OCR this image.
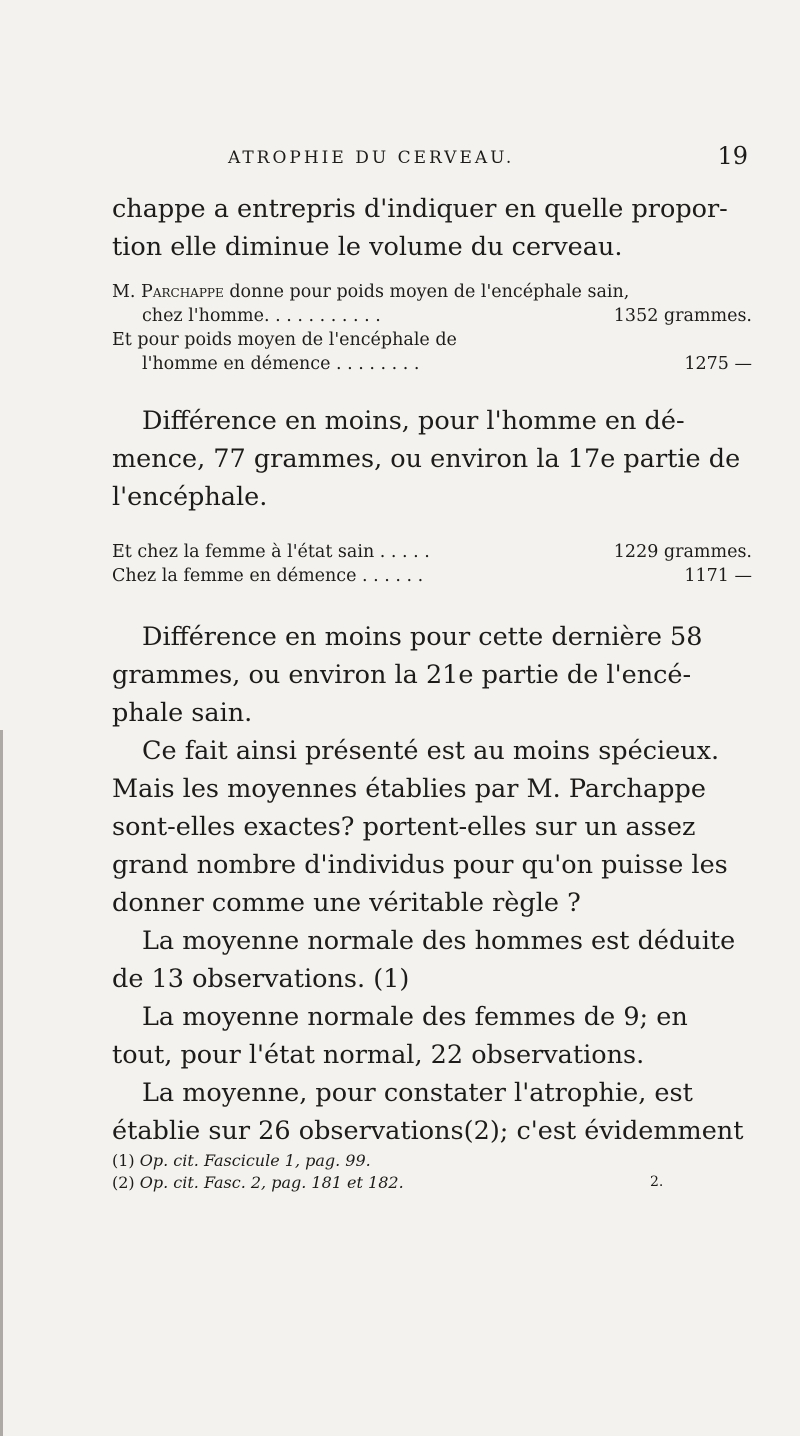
ATROPHIE DU CERVEAU.	19

chappe a entrepris d'indiquer en quelle propor-
tion elle diminue le volume du cerveau.

M. Parchappe donne pour poids moyen de l'encéphale sain,
chez l'homme. . . . . . . . . . .	1352 grammes.
Et pour poids moyen de l'encéphale de
l'homme en démence . . . . . . . .	1275 —

Différence en moins, pour l'homme en dé-
mence, 77 grammes, ou environ la 17e partie de
l'encéphale.

Et chez la femme à l'état sain . . . . .	1229 grammes.
Chez la femme en démence . . . . . .	1171 —

Différence en moins pour cette dernière 58
grammes, ou environ la 21e partie de l'encé-
phale sain.

Ce fait ainsi présenté est au moins spécieux.
Mais les moyennes établies par M. Parchappe
sont-elles exactes? portent-elles sur un assez
grand nombre d'individus pour qu'on puisse les
donner comme une véritable règle ?

La moyenne normale des hommes est déduite
de 13 observations. (1)

La moyenne normale des femmes de 9; en
tout, pour l'état normal, 22 observations.

La moyenne, pour constater l'atrophie, est
établie sur 26 observations(2); c'est évidemment

(1) Op. cit. Fascicule 1, pag. 99.
(2) Op. cit. Fasc. 2, pag. 181 et 182.	2.
